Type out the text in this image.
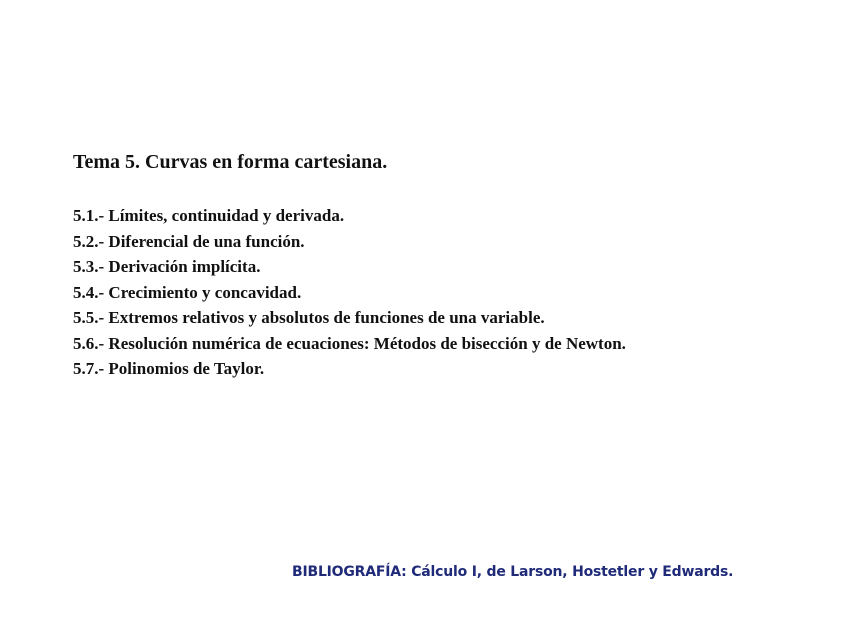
Tema 5. Curvas en forma cartesiana.
5.1.- Límites, continuidad y derivada.
5.2.- Diferencial de una función.
5.3.- Derivación implícita.
5.4.- Crecimiento y concavidad.
5.5.- Extremos relativos y absolutos de funciones de una variable.
5.6.- Resolución numérica de ecuaciones: Métodos de bisección y de Newton.
5.7.- Polinomios de Taylor.
BIBLIOGRAFÍA: Cálculo I, de Larson, Hostetler y Edwards.
